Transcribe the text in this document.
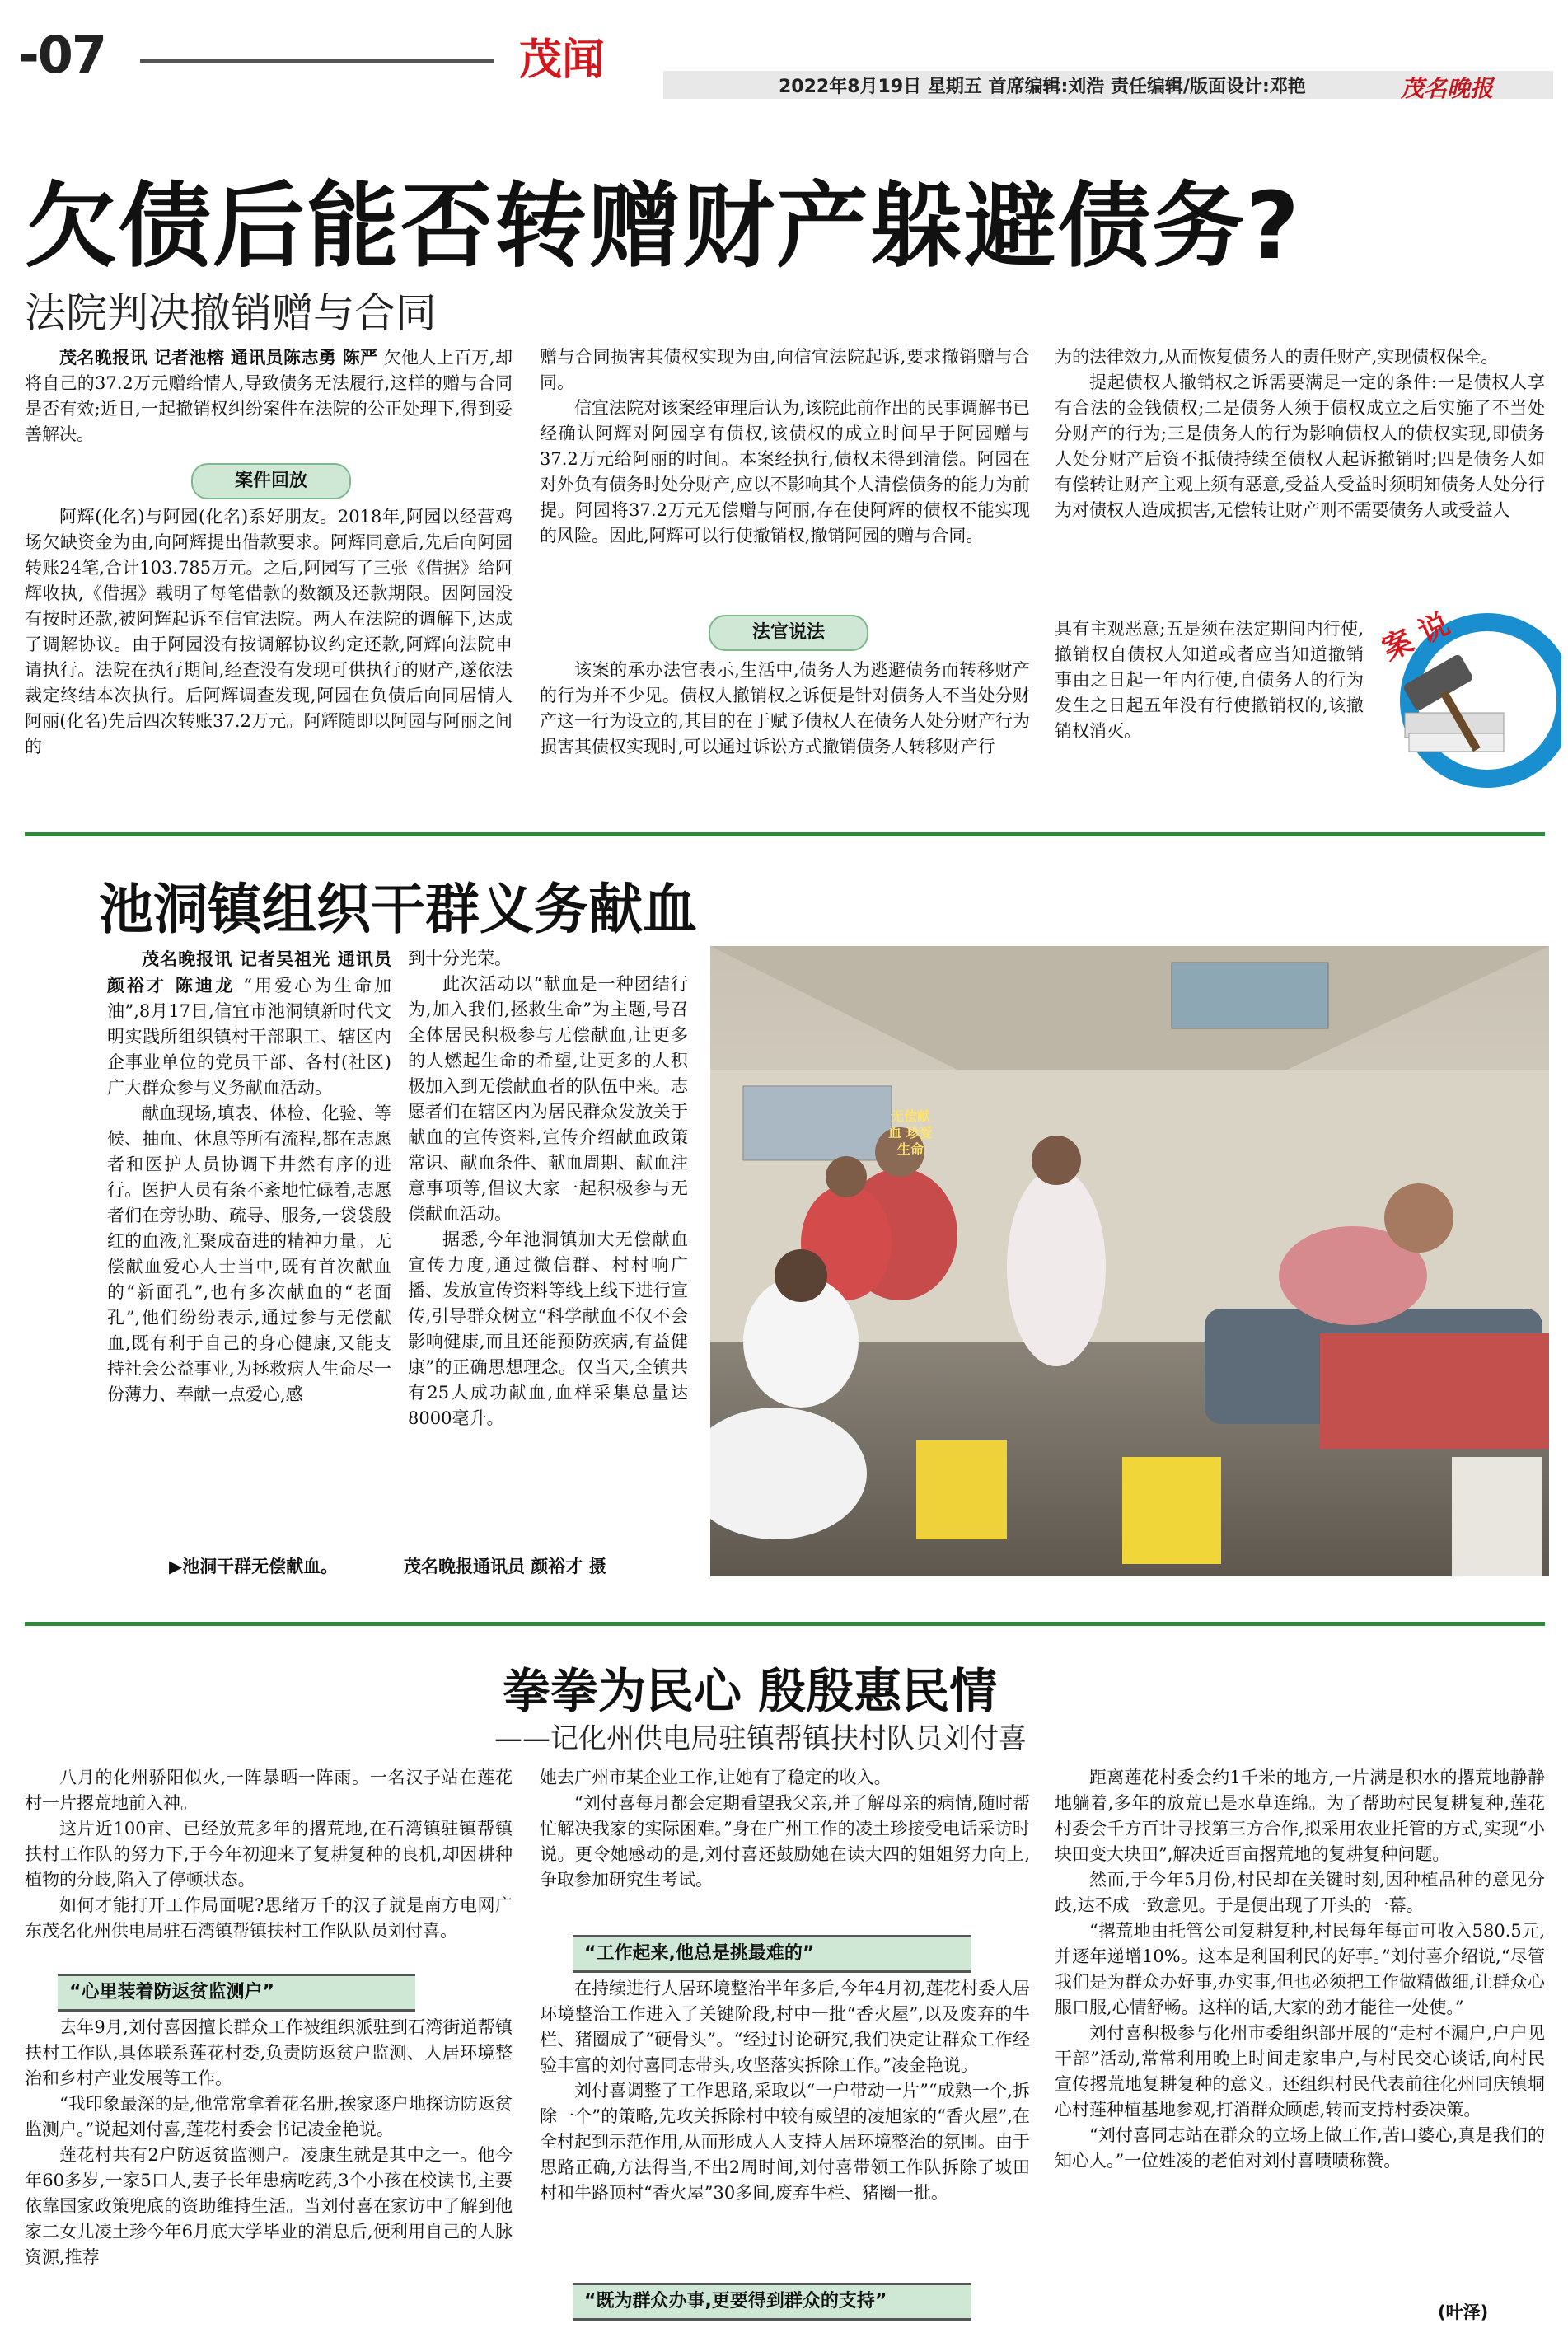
-07	茂闻
2022年8月19日 星期五 首席编辑:刘浩 责任编辑/版面设计:邓艳	茂名晚报
欠债后能否转赠财产躲避债务?
法院判决撤销赠与合同

茂名晚报讯 记者池榕 通讯员陈志勇 陈严 欠他人上百万,却将自己的37.2万元赠给情人,导致债务无法履行,这样的赠与合同是否有效;近日,一起撤销权纠纷案件在法院的公正处理下,得到妥善解决。

案件回放

阿辉(化名)与阿园(化名)系好朋友。2018年,阿园以经营鸡场欠缺资金为由,向阿辉提出借款要求。阿辉同意后,先后向阿园转账24笔,合计103.785万元。之后,阿园写了三张《借据》给阿辉收执,《借据》载明了每笔借款的数额及还款期限。因阿园没有按时还款,被阿辉起诉至信宜法院。两人在法院的调解下,达成了调解协议。由于阿园没有按调解协议约定还款,阿辉向法院申请执行。法院在执行期间,经查没有发现可供执行的财产,遂依法裁定终结本次执行。后阿辉调查发现,阿园在负债后向同居情人阿丽(化名)先后四次转账37.2万元。阿辉随即以阿园与阿丽之间的

赠与合同损害其债权实现为由,向信宜法院起诉,要求撤销赠与合同。

信宜法院对该案经审理后认为,该院此前作出的民事调解书已经确认阿辉对阿园享有债权,该债权的成立时间早于阿园赠与37.2万元给阿丽的时间。本案经执行,债权未得到清偿。阿园在对外负有债务时处分财产,应以不影响其个人清偿债务的能力为前提。阿园将37.2万元无偿赠与阿丽,存在使阿辉的债权不能实现的风险。因此,阿辉可以行使撤销权,撤销阿园的赠与合同。

法官说法

该案的承办法官表示,生活中,债务人为逃避债务而转移财产的行为并不少见。债权人撤销权之诉便是针对债务人不当处分财产这一行为设立的,其目的在于赋予债权人在债务人处分财产行为损害其债权实现时,可以通过诉讼方式撤销债务人转移财产行

为的法律效力,从而恢复债务人的责任财产,实现债权保全。

提起债权人撤销权之诉需要满足一定的条件:一是债权人享有合法的金钱债权;二是债务人须于债权成立之后实施了不当处分财产的行为;三是债务人的行为影响债权人的债权实现,即债务人处分财产后资不抵债持续至债权人起诉撤销时;四是债务人如有偿转让财产主观上须有恶意,受益人受益时须明知债务人处分行为对债权人造成损害,无偿转让财产则不需要债务人或受益人

具有主观恶意;五是须在法定期间内行使,撤销权自债权人知道或者应当知道撤销事由之日起一年内行使,自债务人的行为发生之日起五年没有行使撤销权的,该撤销权消灭。

案 说
池洞镇组织干群义务献血

茂名晚报讯 记者吴祖光 通讯员颜裕才 陈迪龙 “用爱心为生命加油”,8月17日,信宜市池洞镇新时代文明实践所组织镇村干部职工、辖区内企事业单位的党员干部、各村(社区)广大群众参与义务献血活动。

献血现场,填表、体检、化验、等候、抽血、休息等所有流程,都在志愿者和医护人员协调下井然有序的进行。医护人员有条不紊地忙碌着,志愿者们在旁协助、疏导、服务,一袋袋殷红的血液,汇聚成奋进的精神力量。无偿献血爱心人士当中,既有首次献血的“新面孔”,也有多次献血的“老面孔”,他们纷纷表示,通过参与无偿献血,既有利于自己的身心健康,又能支持社会公益事业,为拯救病人生命尽一份薄力、奉献一点爱心,感

到十分光荣。

此次活动以“献血是一种团结行为,加入我们,拯救生命”为主题,号召全体居民积极参与无偿献血,让更多的人燃起生命的希望,让更多的人积极加入到无偿献血者的队伍中来。志愿者们在辖区内为居民群众发放关于献血的宣传资料,宣传介绍献血政策常识、献血条件、献血周期、献血注意事项等,倡议大家一起积极参与无偿献血活动。

据悉,今年池洞镇加大无偿献血宣传力度,通过微信群、村村响广播、发放宣传资料等线上线下进行宣传,引导群众树立“科学献血不仅不会影响健康,而且还能预防疾病,有益健康”的正确思想理念。仅当天,全镇共有25人成功献血,血样采集总量达8000毫升。

无偿献血 珍爱生命
▶池洞干群无偿献血。	茂名晚报通讯员 颜裕才 摄
拳拳为民心 殷殷惠民情
——记化州供电局驻镇帮镇扶村队员刘付喜

八月的化州骄阳似火,一阵暴晒一阵雨。一名汉子站在莲花村一片撂荒地前入神。

这片近100亩、已经放荒多年的撂荒地,在石湾镇驻镇帮镇扶村工作队的努力下,于今年初迎来了复耕复种的良机,却因耕种植物的分歧,陷入了停顿状态。

如何才能打开工作局面呢?思绪万千的汉子就是南方电网广东茂名化州供电局驻石湾镇帮镇扶村工作队队员刘付喜。

“心里装着防返贫监测户”

去年9月,刘付喜因擅长群众工作被组织派驻到石湾街道帮镇扶村工作队,具体联系莲花村委,负责防返贫户监测、人居环境整治和乡村产业发展等工作。

“我印象最深的是,他常常拿着花名册,挨家逐户地探访防返贫监测户。”说起刘付喜,莲花村委会书记凌金艳说。

莲花村共有2户防返贫监测户。凌康生就是其中之一。他今年60多岁,一家5口人,妻子长年患病吃药,3个小孩在校读书,主要依靠国家政策兜底的资助维持生活。当刘付喜在家访中了解到他家二女儿凌土珍今年6月底大学毕业的消息后,便利用自己的人脉资源,推荐

她去广州市某企业工作,让她有了稳定的收入。

“刘付喜每月都会定期看望我父亲,并了解母亲的病情,随时帮忙解决我家的实际困难。”身在广州工作的凌土珍接受电话采访时说。更令她感动的是,刘付喜还鼓励她在读大四的姐姐努力向上,争取参加研究生考试。

“工作起来,他总是挑最难的”

在持续进行人居环境整治半年多后,今年4月初,莲花村委人居环境整治工作进入了关键阶段,村中一批“香火屋”,以及废弃的牛栏、猪圈成了“硬骨头”。“经过讨论研究,我们决定让群众工作经验丰富的刘付喜同志带头,攻坚落实拆除工作。”凌金艳说。

刘付喜调整了工作思路,采取以“一户带动一片”“成熟一个,拆除一个”的策略,先攻关拆除村中较有威望的凌旭家的“香火屋”,在全村起到示范作用,从而形成人人支持人居环境整治的氛围。由于思路正确,方法得当,不出2周时间,刘付喜带领工作队拆除了坡田村和牛路顶村“香火屋”30多间,废弃牛栏、猪圈一批。

“既为群众办事,更要得到群众的支持”

距离莲花村委会约1千米的地方,一片满是积水的撂荒地静静地躺着,多年的放荒已是水草连绵。为了帮助村民复耕复种,莲花村委会千方百计寻找第三方合作,拟采用农业托管的方式,实现“小块田变大块田”,解决近百亩撂荒地的复耕复种问题。

然而,于今年5月份,村民却在关键时刻,因种植品种的意见分歧,达不成一致意见。于是便出现了开头的一幕。

“撂荒地由托管公司复耕复种,村民每年每亩可收入580.5元,并逐年递增10%。这本是利国利民的好事。”刘付喜介绍说,“尽管我们是为群众办好事,办实事,但也必须把工作做精做细,让群众心服口服,心情舒畅。这样的话,大家的劲才能往一处使。”

刘付喜积极参与化州市委组织部开展的“走村不漏户,户户见干部”活动,常常利用晚上时间走家串户,与村民交心谈话,向村民宣传撂荒地复耕复种的意义。还组织村民代表前往化州同庆镇垌心村莲种植基地参观,打消群众顾虑,转而支持村委决策。

“刘付喜同志站在群众的立场上做工作,苦口婆心,真是我们的知心人。”一位姓凌的老伯对刘付喜啧啧称赞。

(叶泽)
